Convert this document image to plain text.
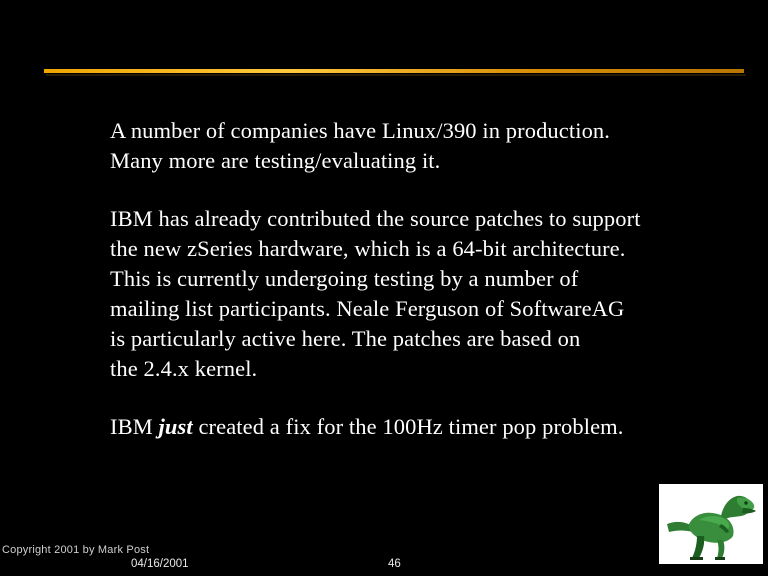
A number of companies have Linux/390 in production.
Many more are testing/evaluating it.

IBM has already contributed the source patches to support
the new zSeries hardware, which is a 64-bit architecture.
This is currently undergoing testing by a number of
mailing list participants. Neale Ferguson of SoftwareAG
is particularly active here. The patches are based on
the 2.4.x kernel.

IBM just created a fix for the 100Hz timer pop problem.

Copyright 2001 by Mark Post
04/16/2001	46
